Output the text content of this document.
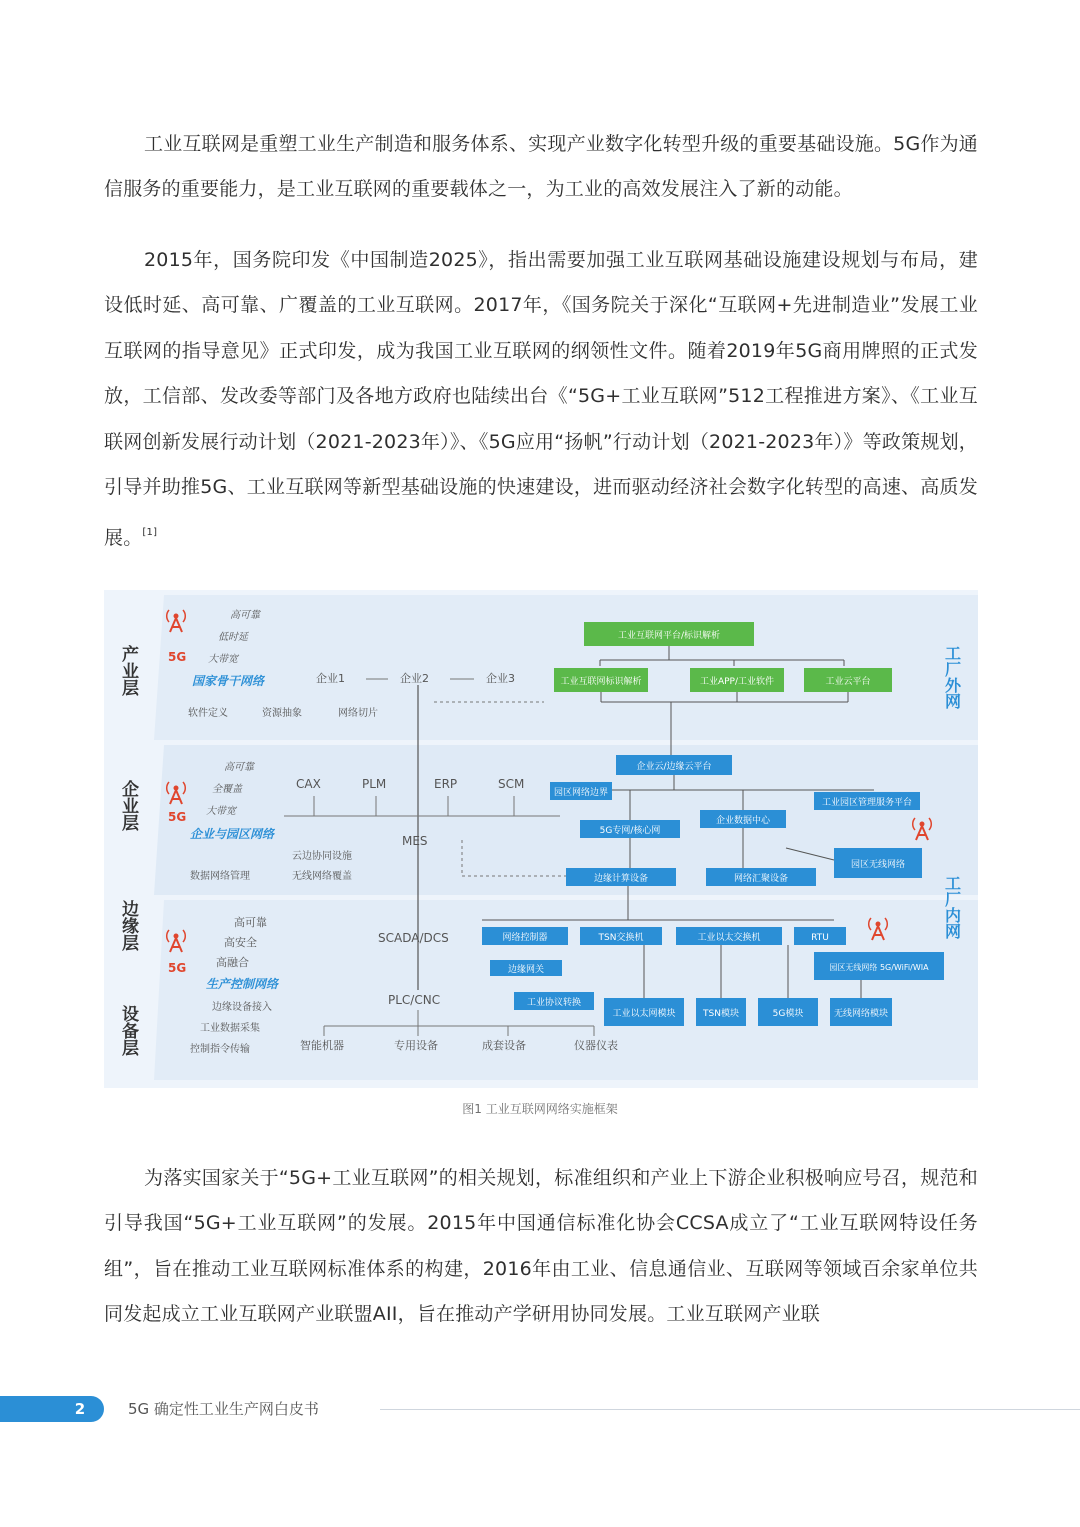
工业互联网是重塑工业生产制造和服务体系、实现产业数字化转型升级的重要基础设施。5G作为通信服务的重要能力，是工业互联网的重要载体之一，为工业的高效发展注入了新的动能。

2015年，国务院印发《中国制造2025》，指出需要加强工业互联网基础设施建设规划与布局，建设低时延、高可靠、广覆盖的工业互联网。2017年，《国务院关于深化“互联网+先进制造业”发展工业互联网的指导意见》正式印发，成为我国工业互联网的纲领性文件。随着2019年5G商用牌照的正式发放，工信部、发改委等部门及各地方政府也陆续出台《“5G+工业互联网”512工程推进方案》、《工业互联网创新发展行动计划（2021-2023年）》、《5G应用“扬帆”行动计划（2021-2023年）》等政策规划，引导并助推5G、工业互联网等新型基础设施的快速建设，进而驱动经济社会数字化转型的高速、高质发展。[1]

产业层
企业层
边缘层
设备层
工厂外网
工厂内网
5G
5G
5G
高可靠
低时延
大带宽
国家骨干网络
软件定义	资源抽象	网络切片
企业1	企业2	企业3
工业互联网平台/标识解析
工业互联网标识解析	工业APP/工业软件	工业云平台
高可靠
全覆盖
大带宽
企业与园区网络
云边协同设施
无线网络覆盖
数据网络管理
CAX	PLM	ERP	SCM
MES
企业云/边缘云平台
园区网络边界
5G专网/核心网
企业数据中心
工业园区管理服务平台
园区无线网络
边缘计算设备	网络汇聚设备
高可靠
高安全
高融合
生产控制网络
SCADA/DCS	网络控制器	TSN交换机	工业以太交换机	RTU
边缘网关	园区无线网络 5G/WiFi/WIA
PLC/CNC
边缘设备接入
工业数据采集
控制指令传输	智能机器	专用设备	成套设备	仪器仪表
工业协议转换
工业以太网模块	TSN模块	5G模块	无线网络模块
图1 工业互联网网络实施框架

为落实国家关于“5G+工业互联网”的相关规划，标准组织和产业上下游企业积极响应号召，规范和引导我国“5G+工业互联网”的发展。2015年中国通信标准化协会CCSA成立了“工业互联网特设任务组”，旨在推动工业互联网标准体系的构建，2016年由工业、信息通信业、互联网等领域百余家单位共同发起成立工业互联网产业联盟AII，旨在推动产学研用协同发展。工业互联网产业联

2	5G 确定性工业生产网白皮书
